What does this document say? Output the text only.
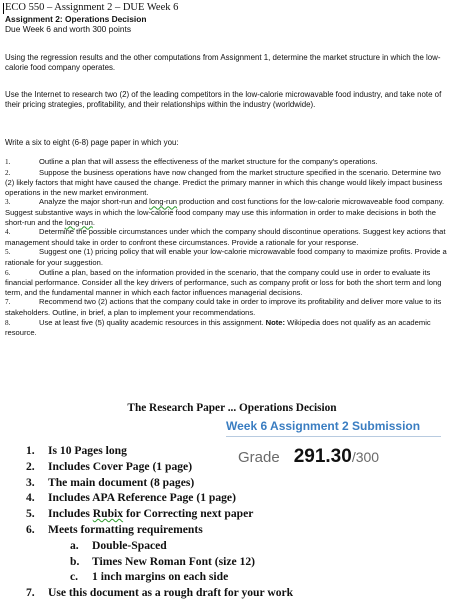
ECO 550 – Assignment 2 – DUE Week 6
Assignment 2: Operations Decision
Due Week 6 and worth 300 points
Using the regression results and the other computations from Assignment 1, determine the market structure in which the low-calorie food company operates.
Use the Internet to research two (2) of the leading competitors in the low-calorie microwavable food industry, and take note of their pricing strategies, profitability, and their relationships within the industry (worldwide).
Write a six to eight (6-8) page paper in which you:

1.	Outline a plan that will assess the effectiveness of the market structure for the company's operations.

2.	Suppose the business operations have now changed from the market structure specified in the scenario. Determine two (2) likely factors that might have caused the change. Predict the primary manner in which this change would likely impact business operations in the new market environment.

3.	Analyze the major short-run and long-run production and cost functions for the low-calorie microwaveable food company. Suggest substantive ways in which the low-calorie food company may use this information in order to make decisions in both the short-run and the long-run.

4.	Determine the possible circumstances under which the company should discontinue operations. Suggest key actions that management should take in order to confront these circumstances. Provide a rationale for your response.

5.	Suggest one (1) pricing policy that will enable your low-calorie microwavable food company to maximize profits. Provide a rationale for your suggestion.

6.	Outline a plan, based on the information provided in the scenario, that the company could use in order to evaluate its financial performance. Consider all the key drivers of performance, such as company profit or loss for both the short term and long term, and the fundamental manner in which each factor influences managerial decisions.

7.	Recommend two (2) actions that the company could take in order to improve its profitability and deliver more value to its stakeholders. Outline, in brief, a plan to implement your recommendations.

8.	Use at least five (5) quality academic resources in this assignment. Note: Wikipedia does not qualify as an academic resource.

The Research Paper ... Operations Decision
Week 6 Assignment 2 Submission
Grade 291.30/300
1. Is 10 Pages long
2. Includes Cover Page (1 page)
3. The main document (8 pages)
4. Includes APA Reference Page (1 page)
5. Includes Rubix for Correcting next paper
6. Meets formatting requirements
a. Double-Spaced
b. Times New Roman Font (size 12)
c. 1 inch margins on each side
7. Use this document as a rough draft for your work
